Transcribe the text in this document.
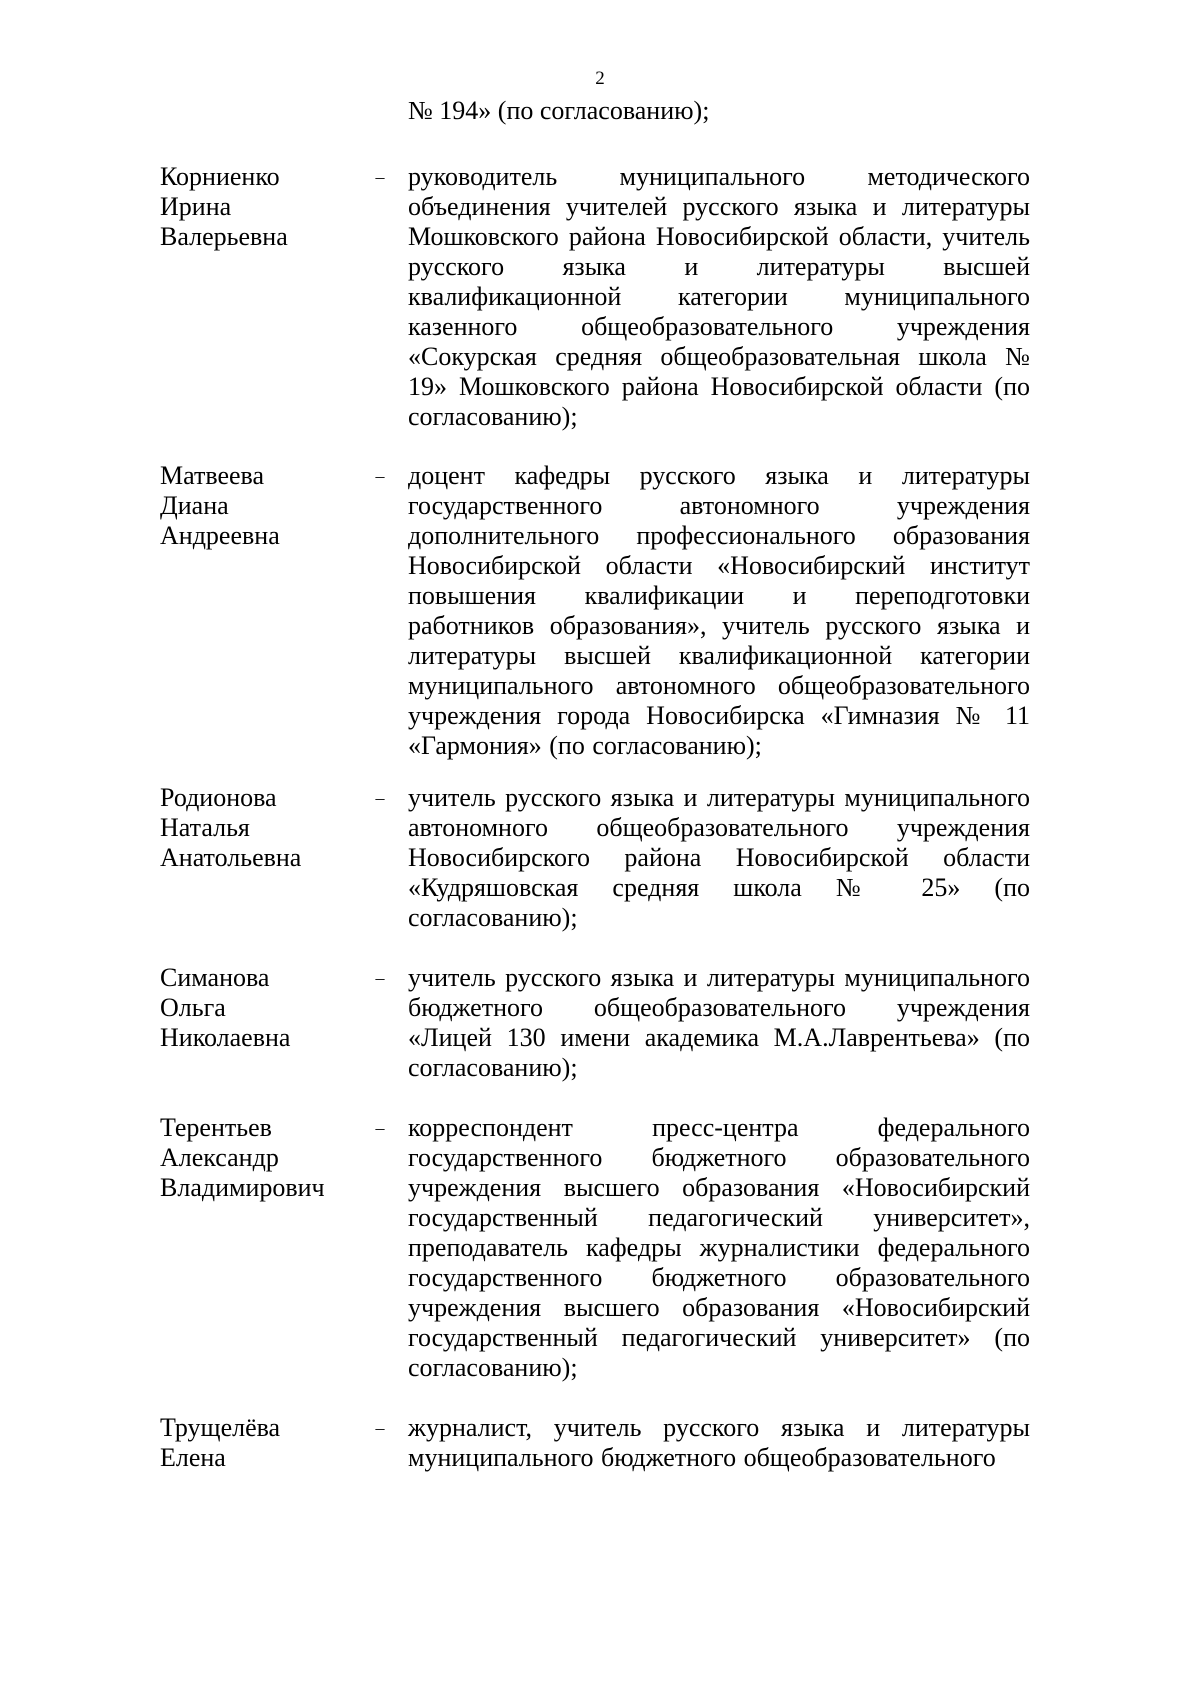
2
№ 194» (по согласованию);
Корниенко
Ирина
Валерьевна
– руководитель муниципального методического объединения учителей русского языка и литературы Мошковского района Новосибирской области, учитель русского языка и литературы высшей квалификационной категории муниципального казенного общеобразовательного учреждения «Сокурская средняя общеобразовательная школа № 19» Мошковского района Новосибирской области (по согласованию);
Матвеева
Диана
Андреевна
– доцент кафедры русского языка и литературы государственного автономного учреждения дополнительного профессионального образования Новосибирской области «Новосибирский институт повышения квалификации и переподготовки работников образования», учитель русского языка и литературы высшей квалификационной категории муниципального автономного общеобразовательного учреждения города Новосибирска «Гимназия № 11 «Гармония» (по согласованию);
Родионова
Наталья
Анатольевна
– учитель русского языка и литературы муниципального автономного общеобразовательного учреждения Новосибирского района Новосибирской области «Кудряшовская средняя школа № 25» (по согласованию);
Симанова
Ольга
Николаевна
– учитель русского языка и литературы муниципального бюджетного общеобразовательного учреждения «Лицей 130 имени академика М.А.Лаврентьева» (по согласованию);
Терентьев
Александр
Владимирович
– корреспондент пресс-центра федерального государственного бюджетного образовательного учреждения высшего образования «Новосибирский государственный педагогический университет», преподаватель кафедры журналистики федерального государственного бюджетного образовательного учреждения высшего образования «Новосибирский государственный педагогический университет» (по согласованию);
Трущелёва
Елена
– журналист, учитель русского языка и литературы муниципального бюджетного общеобразовательного
